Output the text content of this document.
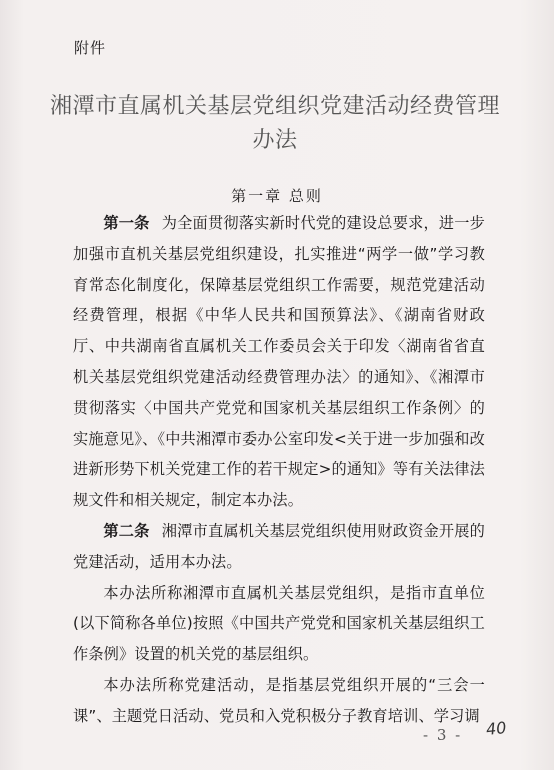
附件
湘潭市直属机关基层党组织党建活动经费管理办法
第一章 总则

第一条 为全面贯彻落实新时代党的建设总要求，进一步加强市直机关基层党组织建设，扎实推进“两学一做”学习教育常态化制度化，保障基层党组织工作需要，规范党建活动经费管理，根据《中华人民共和国预算法》、《湖南省财政厅、中共湖南省直属机关工作委员会关于印发〈湖南省省直机关基层党组织党建活动经费管理办法〉的通知》、《湘潭市贯彻落实〈中国共产党党和国家机关基层组织工作条例〉的实施意见》、《中共湘潭市委办公室印发<关于进一步加强和改进新形势下机关党建工作的若干规定>的通知》等有关法律法规文件和相关规定，制定本办法。

第二条 湘潭市直属机关基层党组织使用财政资金开展的党建活动，适用本办法。

本办法所称湘潭市直属机关基层党组织，是指市直单位(以下简称各单位)按照《中国共产党党和国家机关基层组织工作条例》设置的机关党的基层组织。

本办法所称党建活动，是指基层党组织开展的“三会一课”、主题党日活动、党员和入党积极分子教育培训、学习调

- 3 - 40
